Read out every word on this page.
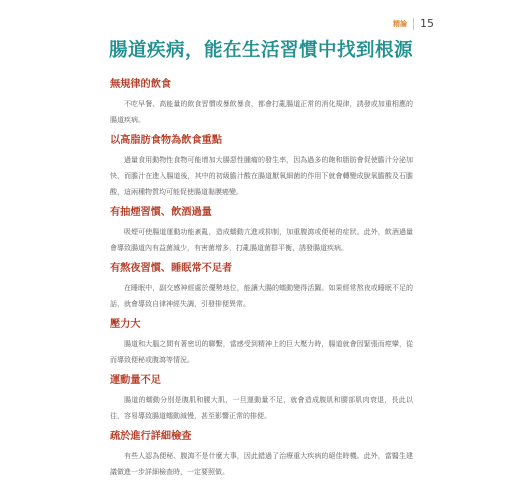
精論 15
腸道疾病，能在生活習慣中找到根源
無規律的飲食

不吃早餐、高能量的飲食習慣或暴飲暴食，都會打亂腸道正常的消化規律，誘發或加重相應的腸道疾病。

以高脂肪食物為飲食重點

過量食用動物性食物可能增加大腸惡性腫瘤的發生率，因為過多的飽和脂肪會促使膽汁分泌加快，而膽汁在進入腸道後，其中的初級膽汁酸在腸道厭氧細菌的作用下就會轉變成脫氧膽酸及石膽酸，這兩種物質均可能促使腸道黏膜癌變。

有抽煙習慣、飲酒過量

吸煙可使腸道運動功能紊亂，造成蠕動亢進或抑制，加重腹瀉或便秘的症狀。此外，飲酒過量會導致腸道內有益菌減少，有害菌增多，打亂腸道菌群平衡，誘發腸道疾病。

有熬夜習慣、睡眠常不足者

在睡眠中，副交感神經處於優勢地位，能讓大腸的蠕動變得活躍。如果經常熬夜或睡眠不足的話，就會導致自律神經失調，引發排便異常。

壓力大

腸道和大腦之間有著密切的聯繫，當感受到精神上的巨大壓力時，腸道就會因緊張而痙攣，從而導致便秘或腹瀉等情況。

運動量不足

腸道的蠕動分別是腹肌和腰大肌，一旦運動量不足，就會造成腹肌和腰部肌肉衰退，長此以往，容易導致腸道蠕動減慢，甚至影響正常的排便。

疏於進行詳細檢查

有些人認為便秘、腹瀉不是什麼大事，因此錯過了治療重大疾病的絕佳時機。此外，當醫生建議做進一步詳細檢查時，一定要照做。
